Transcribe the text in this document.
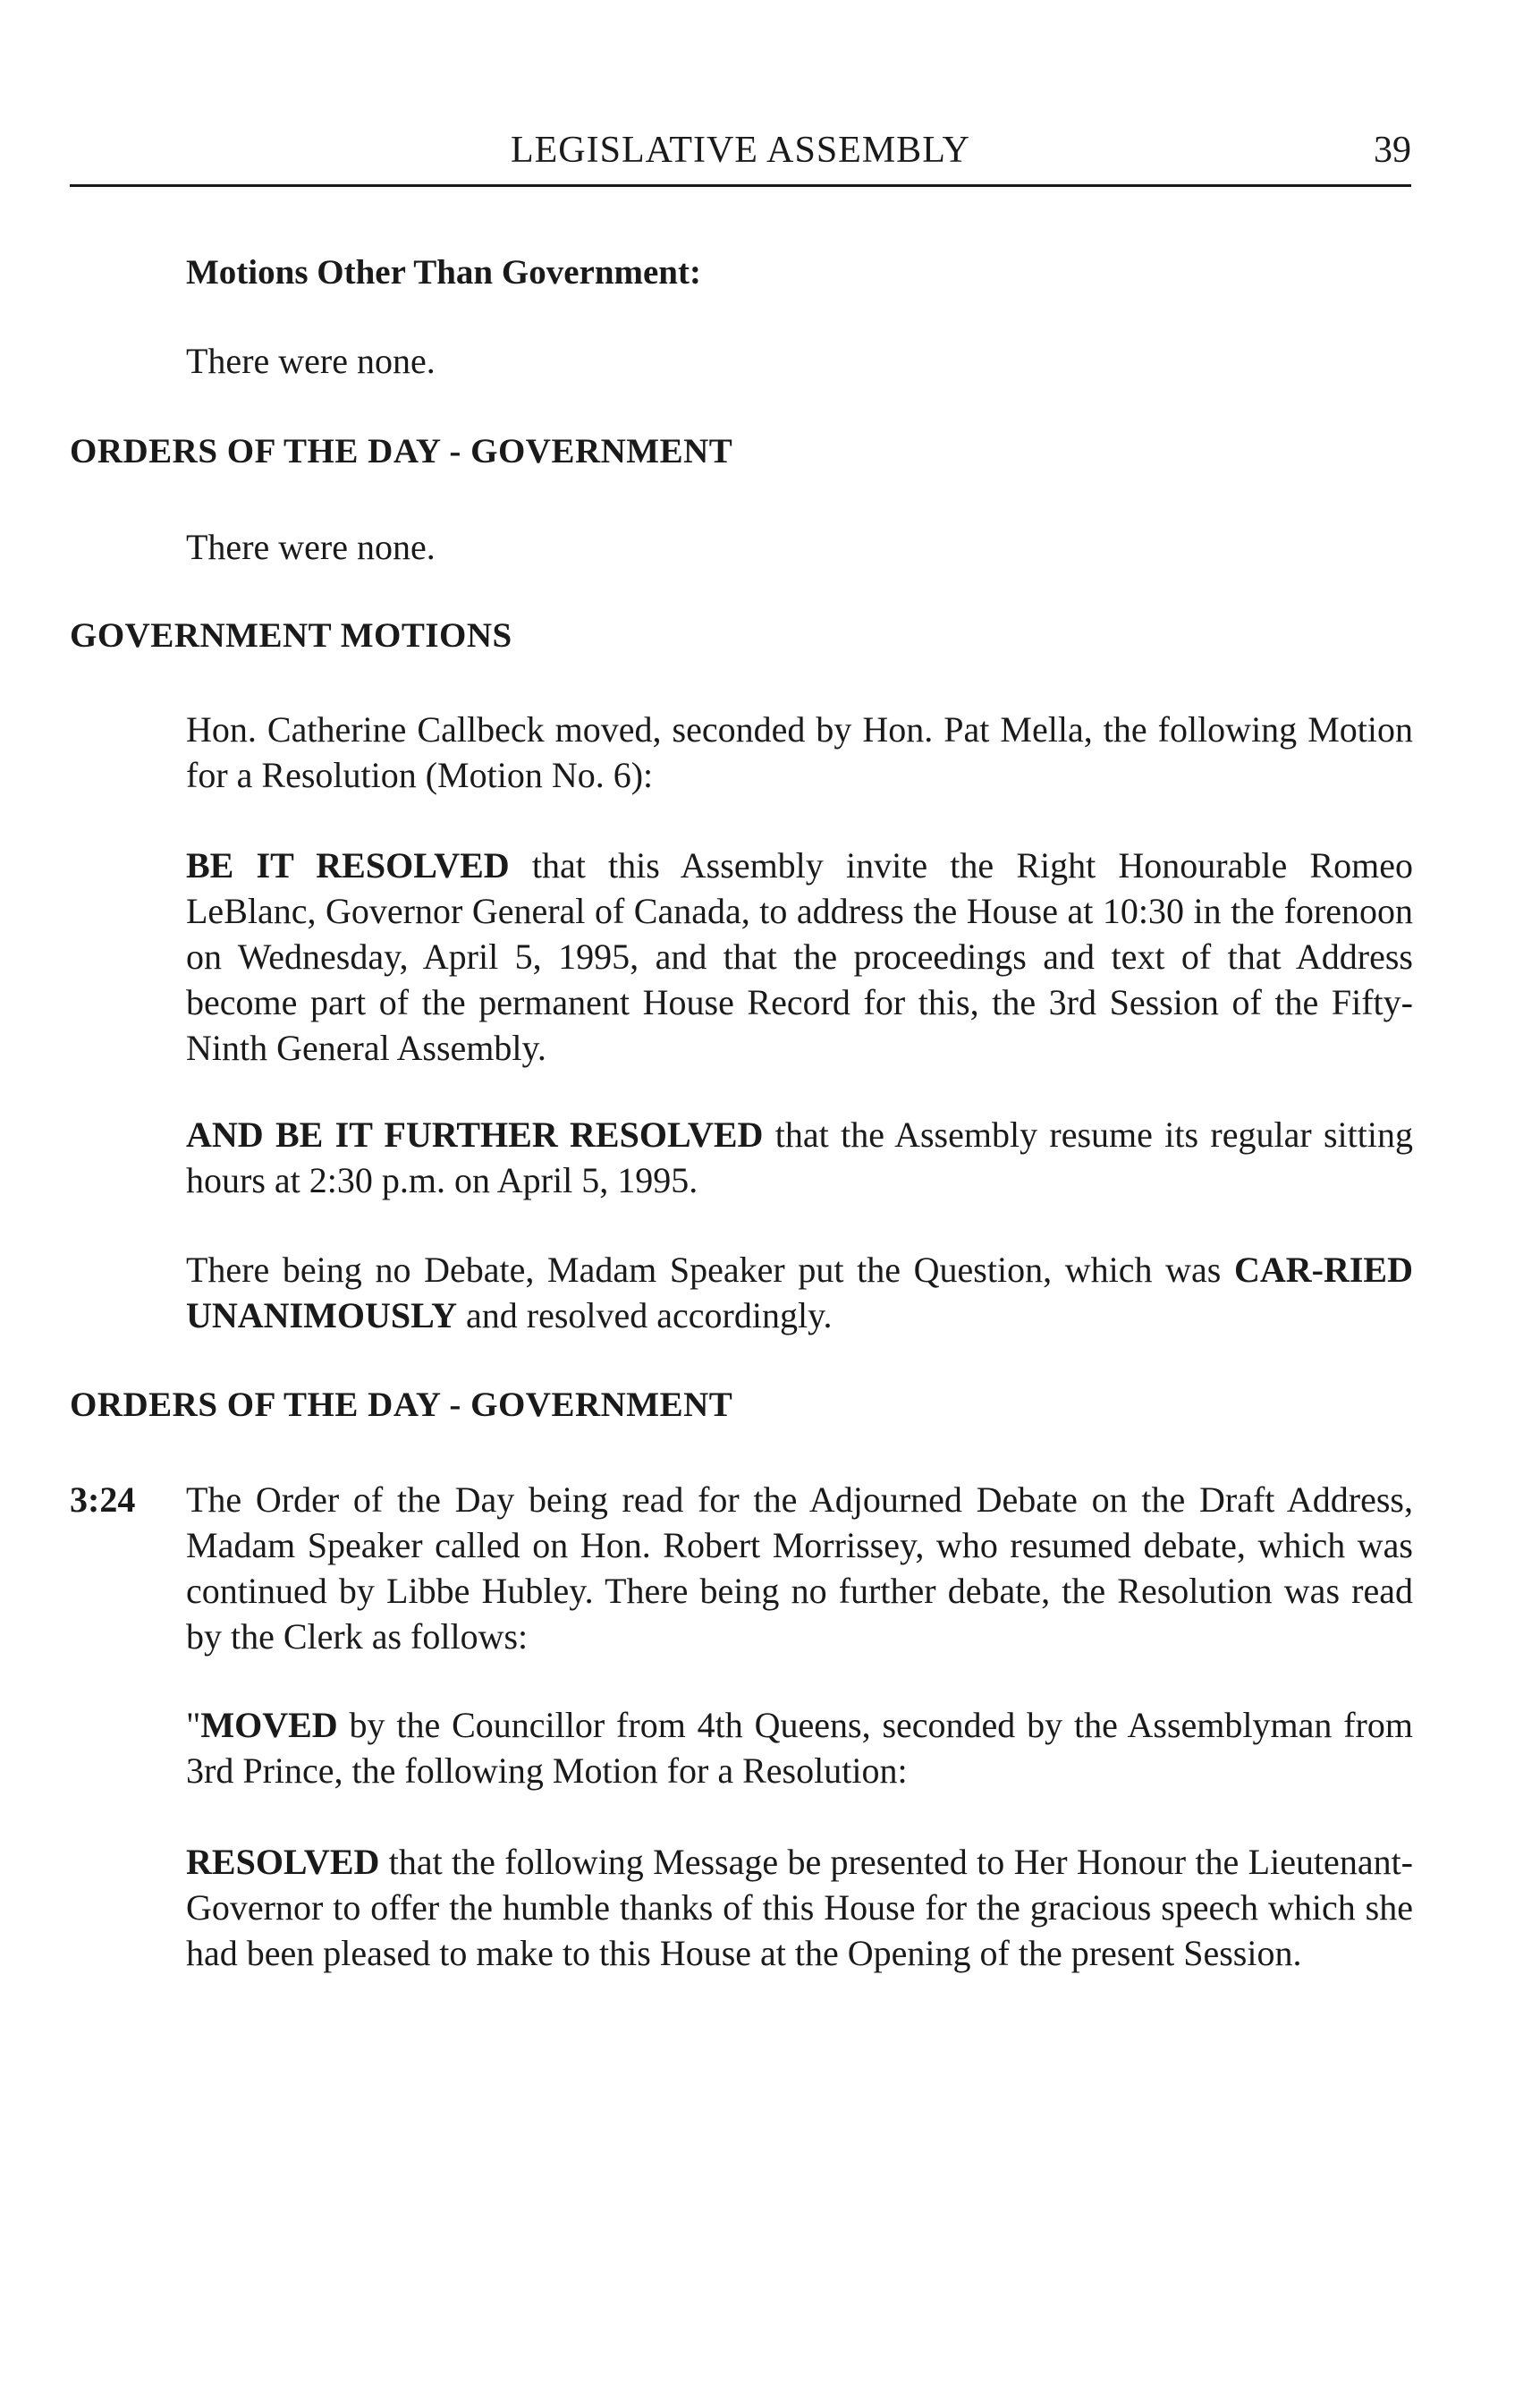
LEGISLATIVE ASSEMBLY	39
Motions Other Than Government:
There were none.
ORDERS OF THE DAY - GOVERNMENT
There were none.
GOVERNMENT MOTIONS
Hon. Catherine Callbeck moved, seconded by Hon. Pat Mella, the following Motion for a Resolution (Motion No. 6):
BE IT RESOLVED that this Assembly invite the Right Honourable Romeo LeBlanc, Governor General of Canada, to address the House at 10:30 in the forenoon on Wednesday, April 5, 1995, and that the proceedings and text of that Address become part of the permanent House Record for this, the 3rd Session of the Fifty-Ninth General Assembly.
AND BE IT FURTHER RESOLVED that the Assembly resume its regular sitting hours at 2:30 p.m. on April 5, 1995.
There being no Debate, Madam Speaker put the Question, which was CAR-RIED UNANIMOUSLY and resolved accordingly.
ORDERS OF THE DAY - GOVERNMENT
3:24 The Order of the Day being read for the Adjourned Debate on the Draft Address, Madam Speaker called on Hon. Robert Morrissey, who resumed debate, which was continued by Libbe Hubley. There being no further debate, the Resolution was read by the Clerk as follows:
"MOVED by the Councillor from 4th Queens, seconded by the Assemblyman from 3rd Prince, the following Motion for a Resolution:
RESOLVED that the following Message be presented to Her Honour the Lieutenant-Governor to offer the humble thanks of this House for the gracious speech which she had been pleased to make to this House at the Opening of the present Session.
